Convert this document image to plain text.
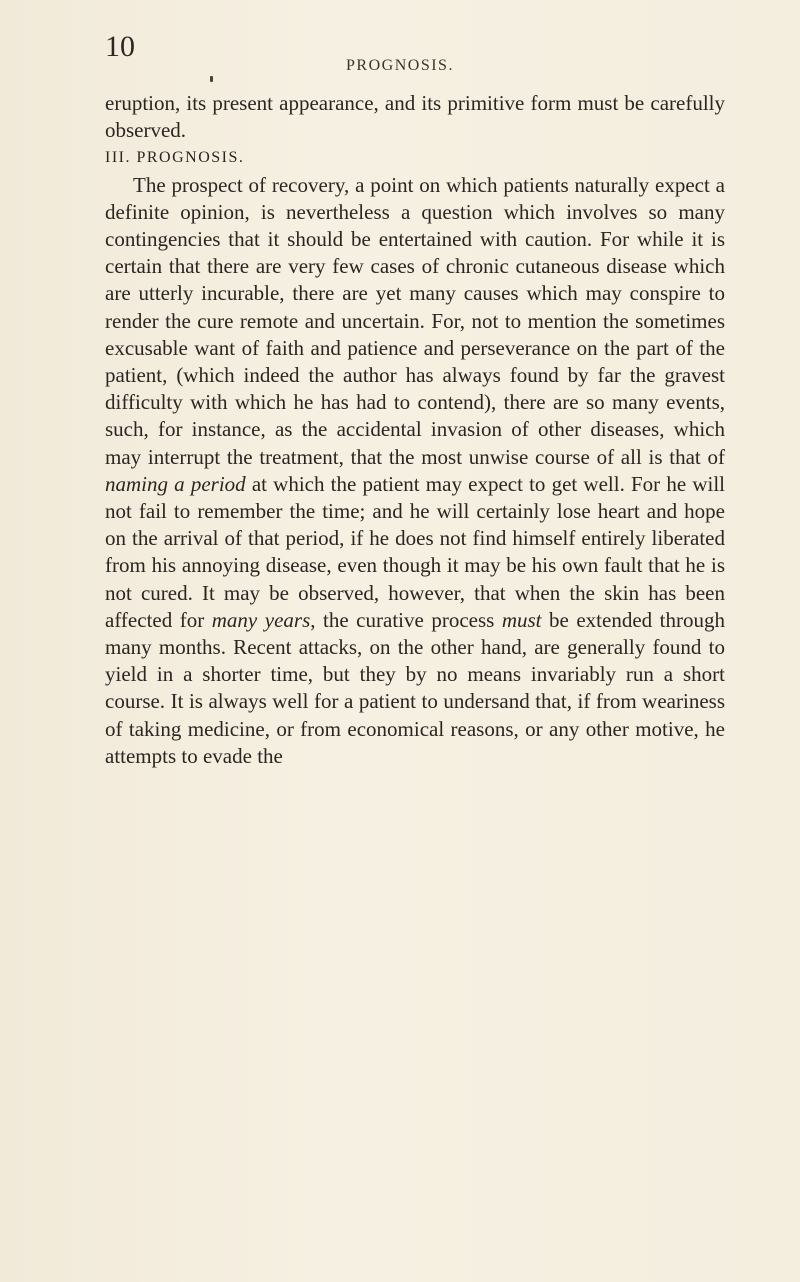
10
PROGNOSIS.

eruption, its present appearance, and its primitive form must be carefully observed.

III. PROGNOSIS.

The prospect of recovery, a point on which patients naturally expect a definite opinion, is nevertheless a question which involves so many contingencies that it should be entertained with caution. For while it is certain that there are very few cases of chronic cutaneous disease which are utterly incurable, there are yet many causes which may conspire to render the cure remote and uncertain. For, not to mention the sometimes excusable want of faith and patience and perseverance on the part of the patient, (which indeed the author has always found by far the gravest difficulty with which he has had to contend), there are so many events, such, for instance, as the accidental invasion of other diseases, which may interrupt the treatment, that the most unwise course of all is that of naming a period at which the patient may expect to get well. For he will not fail to remember the time; and he will certainly lose heart and hope on the arrival of that period, if he does not find himself entirely liberated from his annoying disease, even though it may be his own fault that he is not cured. It may be observed, however, that when the skin has been affected for many years, the curative process must be extended through many months. Recent attacks, on the other hand, are generally found to yield in a shorter time, but they by no means invariably run a short course. It is always well for a patient to undersand that, if from weariness of taking medicine, or from economical reasons, or any other motive, he attempts to evade the
